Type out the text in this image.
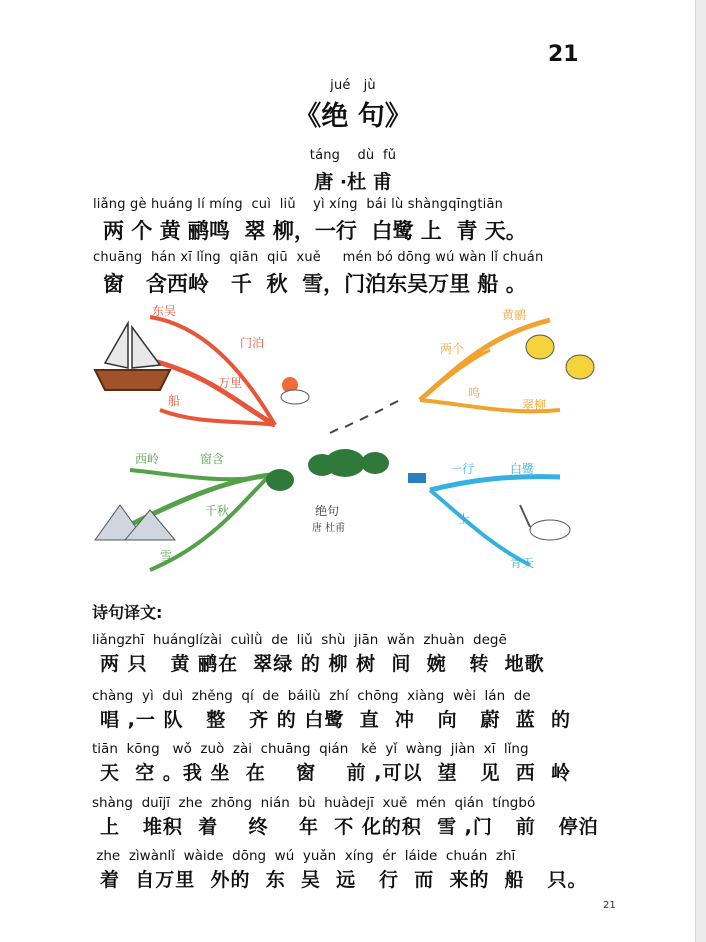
21
jué   jù
《绝 句》
táng    dù  fǔ
唐 ·杜 甫
liǎng gè huáng lí míng  cuì  liǔ    yì xíng  bái lù shàngqīngtiān
两 个 黄 鹂鸣  翠 柳，一行  白鹭 上  青 天。
chuāng  hán xī lǐng  qiān  qiū  xuě     mén bó dōng wú wàn lǐ chuán
窗   含西岭   千  秋  雪，门泊东吴万里 船 。
东吴
门泊
万里
船
两个
黄鹂
鸣
翠柳
西岭	窗含
千秋
雪
一行	白鹭
上
青天
绝句
唐 杜甫
诗句译文:
liǎngzhī  huánglízài  cuìlǜ  de  liǔ  shù  jiān  wǎn  zhuàn  degē
两 只   黄 鹂在  翠绿 的 柳 树  间  婉   转  地歌
chàng  yì  duì  zhěng  qí  de  báilù  zhí  chōng  xiàng  wèi  lán  de
唱 ,一 队   整   齐 的 白鹭  直  冲   向   蔚  蓝  的
tiān  kōng   wǒ  zuò  zài  chuāng  qián   kě  yǐ  wàng  jiàn  xī  lǐng
天  空 。我 坐  在    窗    前 ,可以  望   见  西  岭
shàng  duījī  zhe  zhōng  nián  bù  huàdejī  xuě  mén  qián  tíngbó
上   堆积  着    终    年  不 化的积  雪 ,门   前   停泊
zhe  zìwànlǐ  wàide  dōng  wú  yuǎn  xíng  ér  láide  chuán  zhī
着  自万里  外的  东  吴  远   行  而  来的  船   只。
21
